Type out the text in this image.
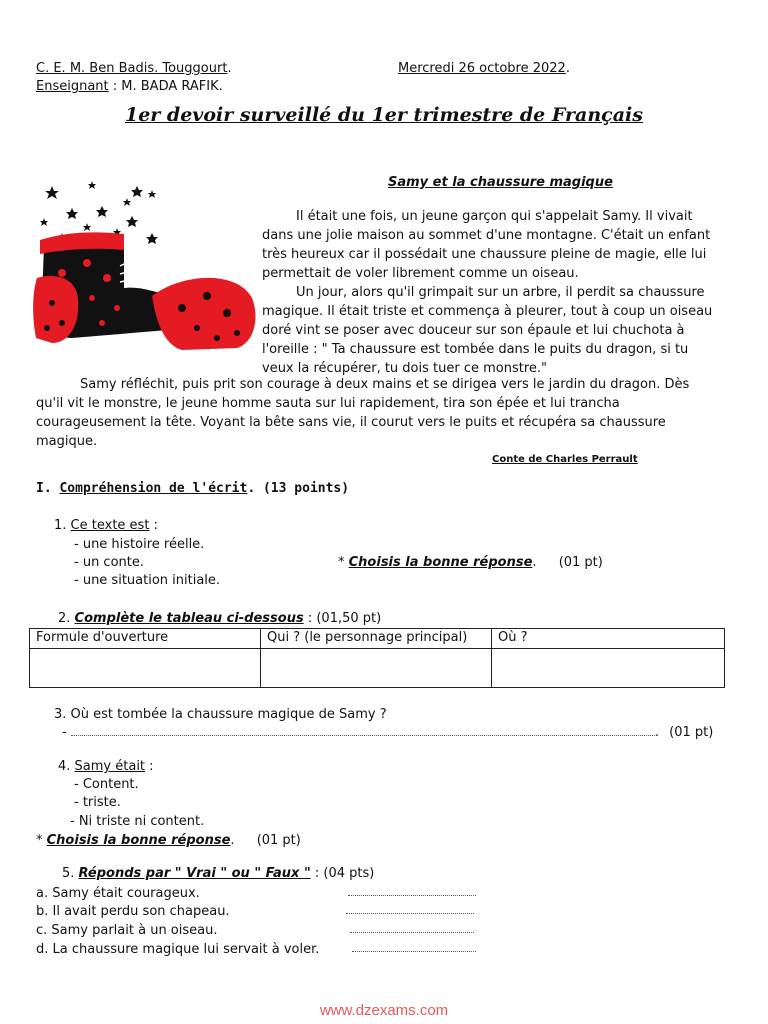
C. E. M. Ben Badis. Touggourt.	Mercredi 26 octobre 2022.
Enseignant : M. BADA RAFIK.
1er devoir surveillé du 1er trimestre de Français
Samy et la chaussure magique
Il était une fois, un jeune garçon qui s'appelait Samy. Il vivait
dans une jolie maison au sommet d'une montagne. C'était un enfant
très heureux car il possédait une chaussure pleine de magie, elle lui
permettait de voler librement comme un oiseau.
Un jour, alors qu'il grimpait sur un arbre, il perdit sa chaussure
magique. Il était triste et commença à pleurer, tout à coup un oiseau
doré vint se poser avec douceur sur son épaule et lui chuchota à
l'oreille : " Ta chaussure est tombée dans le puits du dragon, si tu
veux la récupérer, tu dois tuer ce monstre."
Samy réfléchit, puis prit son courage à deux mains et se dirigea vers le jardin du dragon. Dès
qu'il vit le monstre, le jeune homme sauta sur lui rapidement, tira son épée et lui trancha
courageusement la tête. Voyant la bête sans vie, il courut vers le puits et récupéra sa chaussure
magique.
Conte de Charles Perrault
I. Compréhension de l'écrit. (13 points)
1. Ce texte est :
- une histoire réelle.
- un conte.
- une situation initiale.
* Choisis la bonne réponse. (01 pt)
2. Complète le tableau ci-dessous : (01,50 pt)
Formule d'ouverture	Qui ? (le personnage principal)	Où ?

3. Où est tombée la chaussure magique de Samy ?
-	. (01 pt)
4. Samy était :
- Content.
- triste.
- Ni triste ni content.
* Choisis la bonne réponse. (01 pt)
5. Réponds par " Vrai " ou " Faux " : (04 pts)
a. Samy était courageux.
b. Il avait perdu son chapeau.
c. Samy parlait à un oiseau.
d. La chaussure magique lui servait à voler.
www.dzexams.com
